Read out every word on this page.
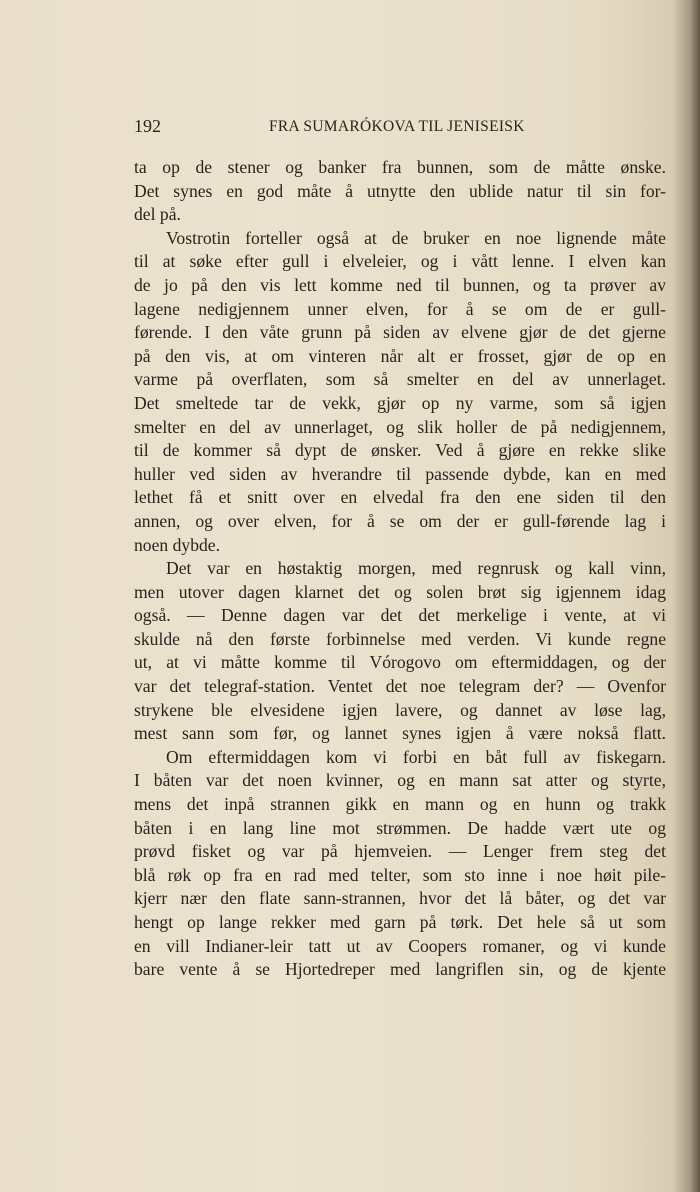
192	FRA SUMARÓKOVA TIL JENISEISK
ta op de stener og banker fra bunnen, som de måtte ønske.
Det synes en god måte å utnytte den ublide natur til sin for-
del på.
Vostrotin forteller også at de bruker en noe lignende måte
til at søke efter gull i elveleier, og i vått lenne. I elven kan
de jo på den vis lett komme ned til bunnen, og ta prøver av
lagene nedigjennem unner elven, for å se om de er gull-
førende. I den våte grunn på siden av elvene gjør de det gjerne
på den vis, at om vinteren når alt er frosset, gjør de op en
varme på overflaten, som så smelter en del av unnerlaget.
Det smeltede tar de vekk, gjør op ny varme, som så igjen
smelter en del av unnerlaget, og slik holler de på nedigjennem,
til de kommer så dypt de ønsker. Ved å gjøre en rekke slike
huller ved siden av hverandre til passende dybde, kan en med
lethet få et snitt over en elvedal fra den ene siden til den
annen, og over elven, for å se om der er gull-førende lag i
noen dybde.
Det var en høstaktig morgen, med regnrusk og kall vinn,
men utover dagen klarnet det og solen brøt sig igjennem idag
også. — Denne dagen var det det merkelige i vente, at vi
skulde nå den første forbinnelse med verden. Vi kunde regne
ut, at vi måtte komme til Vórogovo om eftermiddagen, og der
var det telegraf-station. Ventet det noe telegram der? — Ovenfor
strykene ble elvesidene igjen lavere, og dannet av løse lag,
mest sann som før, og lannet synes igjen å være nokså flatt.
Om eftermiddagen kom vi forbi en båt full av fiskegarn.
I båten var det noen kvinner, og en mann sat atter og styrte,
mens det inpå strannen gikk en mann og en hunn og trakk
båten i en lang line mot strømmen. De hadde vært ute og
prøvd fisket og var på hjemveien. — Lenger frem steg det
blå røk op fra en rad med telter, som sto inne i noe høit pile-
kjerr nær den flate sann-strannen, hvor det lå båter, og det var
hengt op lange rekker med garn på tørk. Det hele så ut som
en vill Indianer-leir tatt ut av Coopers romaner, og vi kunde
bare vente å se Hjortedreper med langriflen sin, og de kjente
